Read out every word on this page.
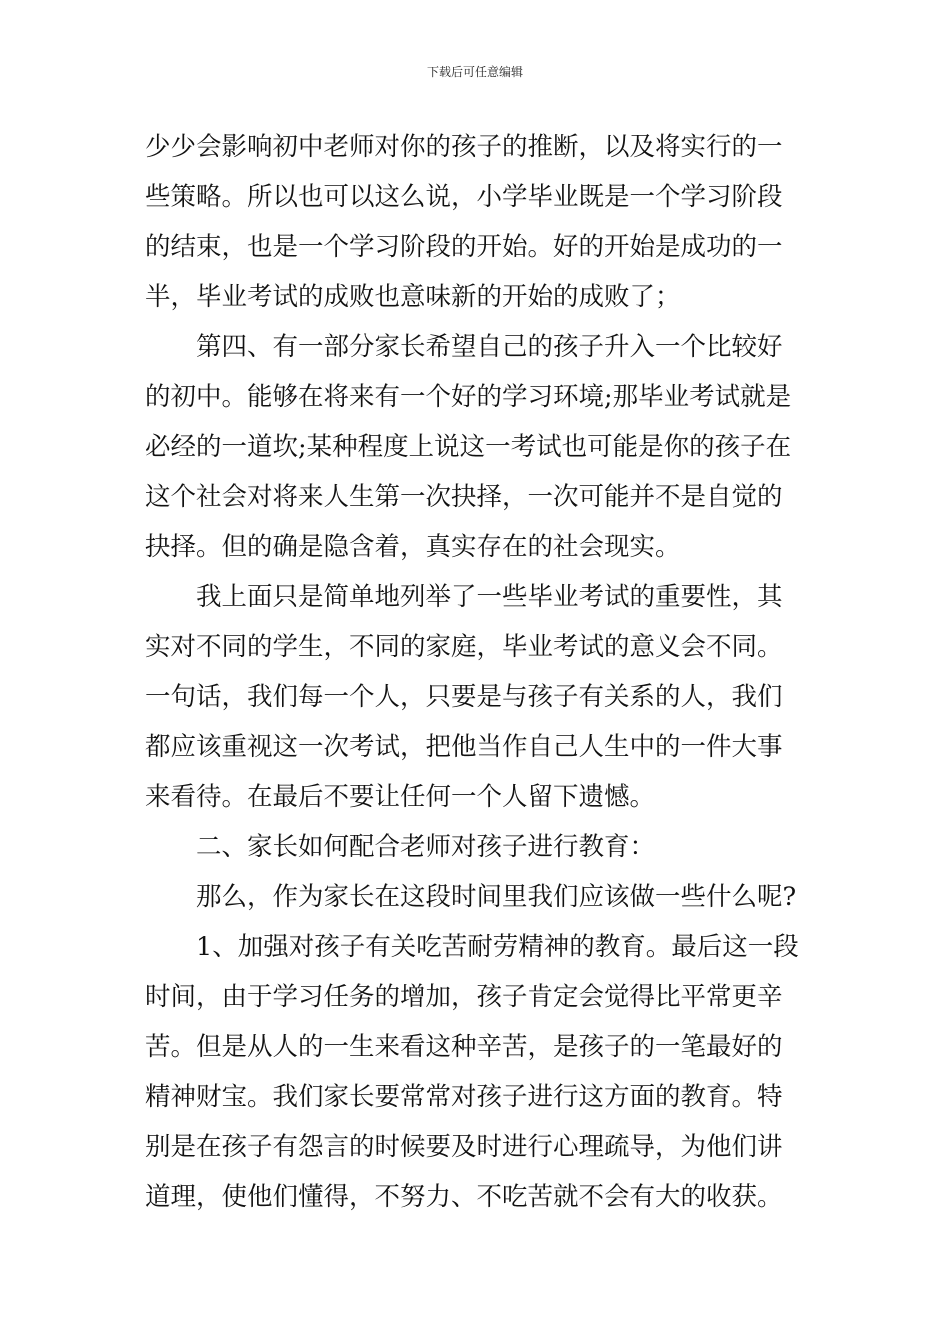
下载后可任意编辑
少少会影响初中老师对你的孩子的推断，以及将实行的一
些策略。所以也可以这么说，小学毕业既是一个学习阶段
的结束，也是一个学习阶段的开始。好的开始是成功的一
半，毕业考试的成败也意味新的开始的成败了；
第四、有一部分家长希望自己的孩子升入一个比较好
的初中。能够在将来有一个好的学习环境;那毕业考试就是
必经的一道坎;某种程度上说这一考试也可能是你的孩子在
这个社会对将来人生第一次抉择，一次可能并不是自觉的
抉择。但的确是隐含着，真实存在的社会现实。
我上面只是简单地列举了一些毕业考试的重要性，其
实对不同的学生，不同的家庭，毕业考试的意义会不同。
一句话，我们每一个人，只要是与孩子有关系的人，我们
都应该重视这一次考试，把他当作自己人生中的一件大事
来看待。在最后不要让任何一个人留下遗憾。
二、家长如何配合老师对孩子进行教育：
那么，作为家长在这段时间里我们应该做一些什么呢?
1、加强对孩子有关吃苦耐劳精神的教育。最后这一段
时间，由于学习任务的增加，孩子肯定会觉得比平常更辛
苦。但是从人的一生来看这种辛苦，是孩子的一笔最好的
精神财宝。我们家长要常常对孩子进行这方面的教育。特
别是在孩子有怨言的时候要及时进行心理疏导，为他们讲
道理，使他们懂得，不努力、不吃苦就不会有大的收获。
